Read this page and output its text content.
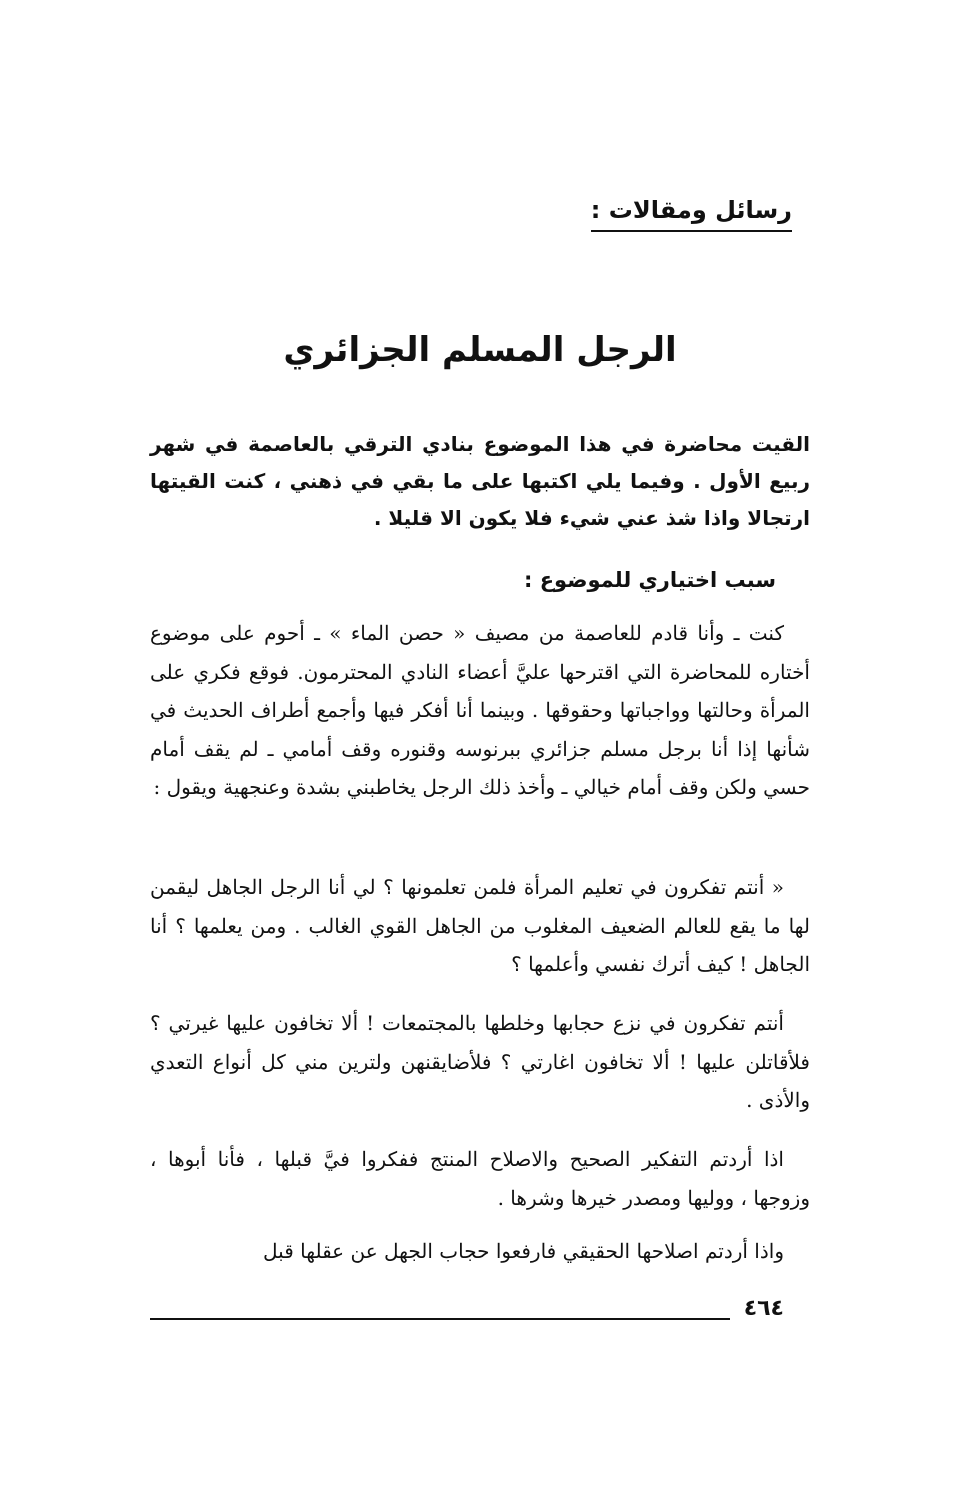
رسائل ومقالات :
الرجل المسلم الجزائري
القيت محاضرة في هذا الموضوع بنادي الترقي بالعاصمة في شهر ربيع الأول . وفيما يلي اكتبها على ما بقي في ذهني ، كنت القيتها ارتجالا واذا شذ عني شيء فلا يكون الا قليلا .
سبب اختياري للموضوع :

كنت ـ وأنا قادم للعاصمة من مصيف « حصن الماء » ـ أحوم على موضوع أختاره للمحاضرة التي اقترحها عليَّ أعضاء النادي المحترمون. فوقع فكري على المرأة وحالتها وواجباتها وحقوقها . وبينما أنا أفكر فيها وأجمع أطراف الحديث في شأنها إذا أنا برجل مسلم جزائري ببرنوسه وقنوره وقف أمامي ـ لم يقف أمام حسي ولكن وقف أمام خيالي ـ وأخذ ذلك الرجل يخاطبني بشدة وعنجهية ويقول :

« أنتم تفكرون في تعليم المرأة فلمن تعلمونها ؟ لي أنا الرجل الجاهل ليقمن لها ما يقع للعالم الضعيف المغلوب من الجاهل القوي الغالب . ومن يعلمها ؟ أنا الجاهل ! كيف أترك نفسي وأعلمها ؟

أنتم تفكرون في نزع حجابها وخلطها بالمجتمعات ! ألا تخافون عليها غيرتي ؟ فلأقاتلن عليها ! ألا تخافون اغارتي ؟ فلأضايقنهن ولترين مني كل أنواع التعدي والأذى .

اذا أردتم التفكير الصحيح والاصلاح المنتج ففكروا فيَّ قبلها ، فأنا أبوها ، وزوجها ، ووليها ومصدر خيرها وشرها .

واذا أردتم اصلاحها الحقيقي فارفعوا حجاب الجهل عن عقلها قبل

٤٦٤
